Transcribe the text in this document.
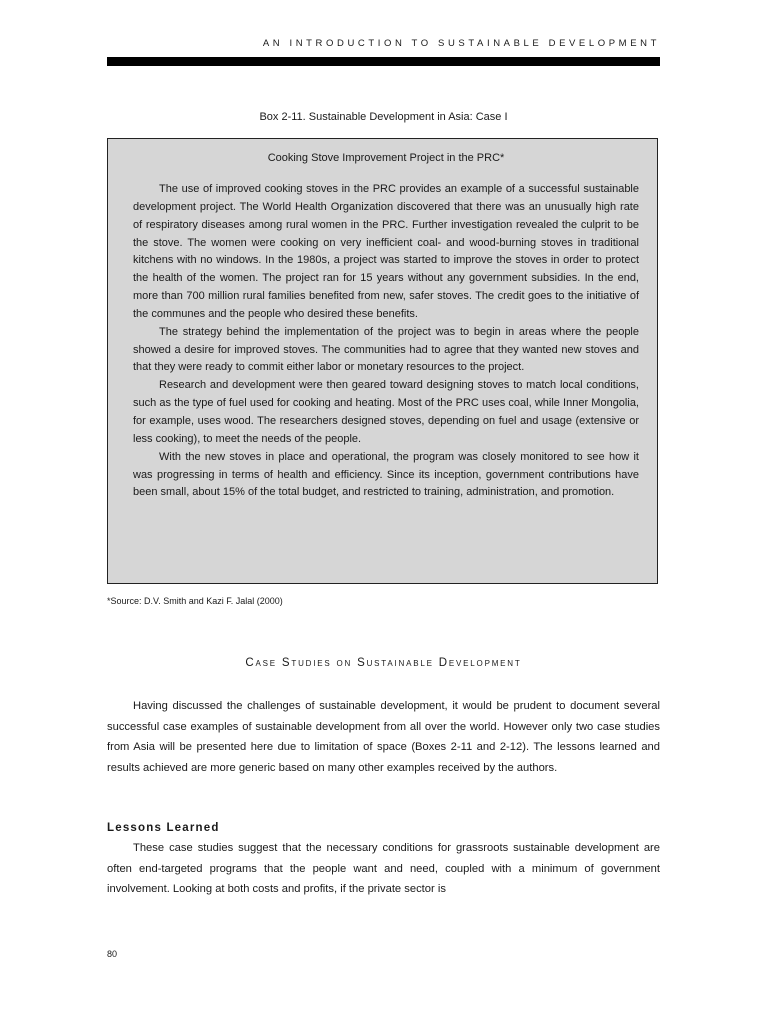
AN INTRODUCTION TO SUSTAINABLE DEVELOPMENT
Box 2-11. Sustainable Development in Asia: Case I
Cooking Stove Improvement Project in the PRC*

The use of improved cooking stoves in the PRC provides an example of a successful sustainable development project. The World Health Organization discovered that there was an unusually high rate of respiratory diseases among rural women in the PRC. Further investigation revealed the culprit to be the stove. The women were cooking on very inefficient coal- and wood-burning stoves in traditional kitchens with no windows. In the 1980s, a project was started to improve the stoves in order to protect the health of the women. The project ran for 15 years without any government subsidies. In the end, more than 700 million rural families benefited from new, safer stoves. The credit goes to the initiative of the communes and the people who desired these benefits.

The strategy behind the implementation of the project was to begin in areas where the people showed a desire for improved stoves. The communities had to agree that they wanted new stoves and that they were ready to commit either labor or monetary resources to the project.

Research and development were then geared toward designing stoves to match local conditions, such as the type of fuel used for cooking and heating. Most of the PRC uses coal, while Inner Mongolia, for example, uses wood. The researchers designed stoves, depending on fuel and usage (extensive or less cooking), to meet the needs of the people.

With the new stoves in place and operational, the program was closely monitored to see how it was progressing in terms of health and efficiency. Since its inception, government contributions have been small, about 15% of the total budget, and restricted to training, administration, and promotion.

*Source: D.V. Smith and Kazi F. Jalal (2000)
Case Studies on Sustainable Development

Having discussed the challenges of sustainable development, it would be prudent to document several successful case examples of sustainable development from all over the world. However only two case studies from Asia will be presented here due to limitation of space (Boxes 2-11 and 2-12). The lessons learned and results achieved are more generic based on many other examples received by the authors.

Lessons Learned

These case studies suggest that the necessary conditions for grassroots sustainable development are often end-targeted programs that the people want and need, coupled with a minimum of government involvement. Looking at both costs and profits, if the private sector is

80
